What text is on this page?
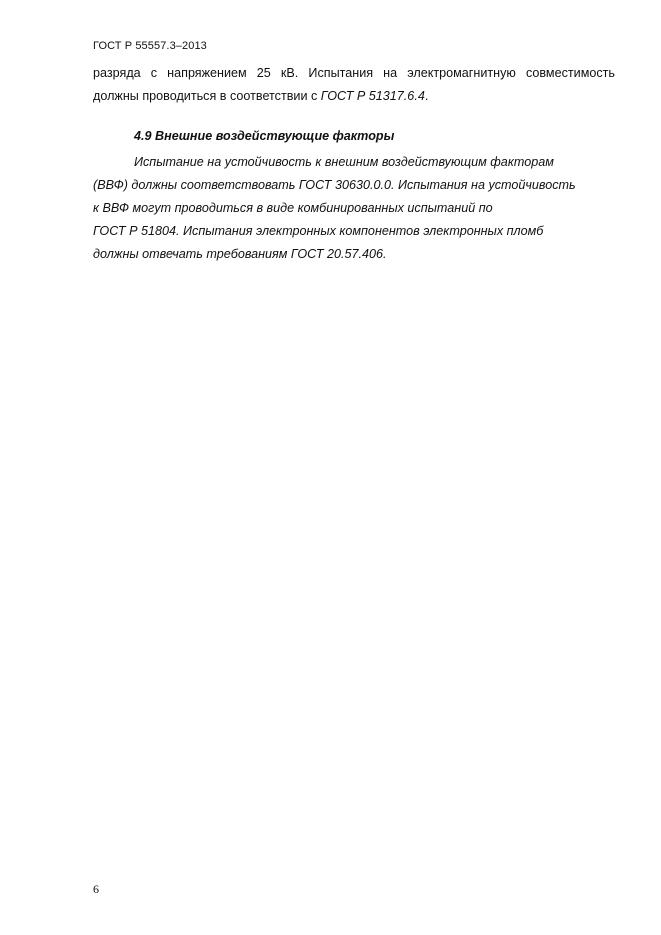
ГОСТ Р 55557.3–2013
разряда с напряжением 25 кВ. Испытания на электромагнитную совместимость
должны проводиться в соответствии с ГОСТ Р 51317.6.4.
4.9 Внешние воздействующие факторы
Испытание на устойчивость к внешним воздействующим факторам
(ВВФ) должны соответствовать ГОСТ 30630.0.0. Испытания на устойчивость
к ВВФ могут проводиться в виде комбинированных испытаний по
ГОСТ Р 51804. Испытания электронных компонентов электронных пломб
должны отвечать требованиям ГОСТ 20.57.406.
6
